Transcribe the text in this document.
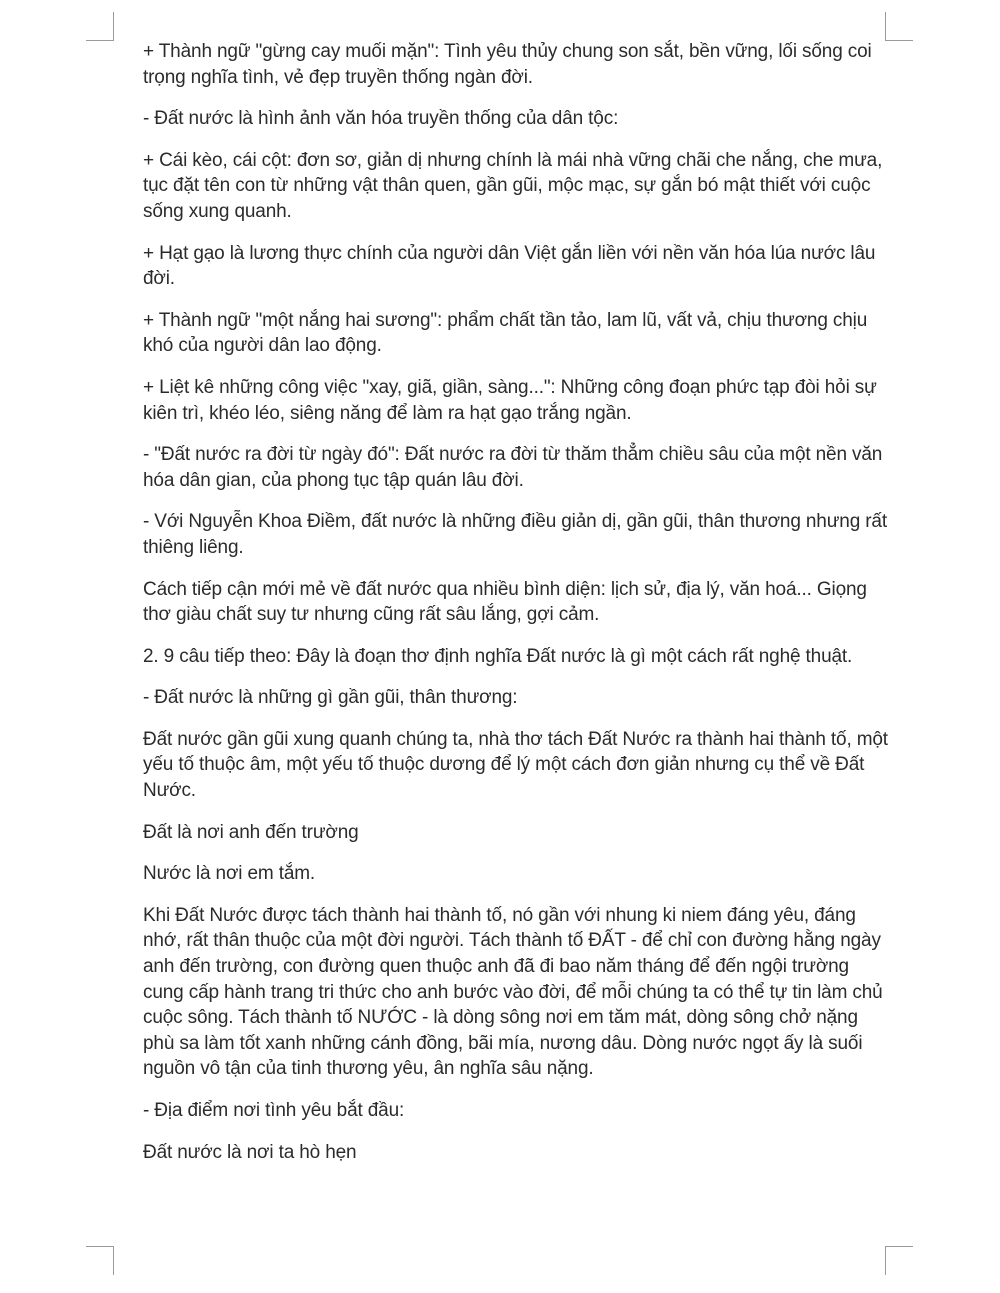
+ Thành ngữ "gừng cay muối mặn": Tình yêu thủy chung son sắt, bền vững, lối sống coi trọng nghĩa tình, vẻ đẹp truyền thống ngàn đời.

- Đất nước là hình ảnh văn hóa truyền thống của dân tộc:

+ Cái kèo, cái cột: đơn sơ, giản dị nhưng chính là mái nhà vững chãi che nắng, che mưa, tục đặt tên con từ những vật thân quen, gần gũi, mộc mạc, sự gắn bó mật thiết với cuộc sống xung quanh.

+ Hạt gạo là lương thực chính của người dân Việt gắn liền với nền văn hóa lúa nước lâu đời.

+ Thành ngữ "một nắng hai sương": phẩm chất tần tảo, lam lũ, vất vả, chịu thương chịu khó của người dân lao động.

+ Liệt kê những công việc "xay, giã, giần, sàng...": Những công đoạn phức tạp đòi hỏi sự kiên trì, khéo léo, siêng năng để làm ra hạt gạo trắng ngần.

- "Đất nước ra đời từ ngày đó": Đất nước ra đời từ thăm thẳm chiều sâu của một nền văn hóa dân gian, của phong tục tập quán lâu đời.

- Với Nguyễn Khoa Điềm, đất nước là những điều giản dị, gần gũi, thân thương nhưng rất thiêng liêng.

Cách tiếp cận mới mẻ về đất nước qua nhiều bình diện: lịch sử, địa lý, văn hoá... Giọng thơ giàu chất suy tư nhưng cũng rất sâu lắng, gợi cảm.

2. 9 câu tiếp theo: Đây là đoạn thơ định nghĩa Đất nước là gì một cách rất nghệ thuật.

- Đất nước là những gì gần gũi, thân thương:

Đất nước gần gũi xung quanh chúng ta, nhà thơ tách Đất Nước ra thành hai thành tố, một yếu tố thuộc âm, một yếu tố thuộc dương để lý một cách đơn giản nhưng cụ thể về Đất Nước.

Đất là nơi anh đến trường

Nước là nơi em tắm.

Khi Đất Nước được tách thành hai thành tố, nó gần với nhung ki niem đáng yêu, đáng nhớ, rất thân thuộc của một đời người. Tách thành tố ĐẤT - để chỉ con đường hằng ngày anh đến trường, con đường quen thuộc anh đã đi bao năm tháng để đến ngội trường cung cấp hành trang tri thức cho anh bước vào đời, để mỗi chúng ta có thể tự tin làm chủ cuộc sông. Tách thành tố NƯỚC - là dòng sông nơi em tăm mát, dòng sông chở nặng phù sa làm tốt xanh những cánh đồng, bãi mía, nương dâu. Dòng nước ngọt ấy là suối nguồn vô tận của tinh thương yêu, ân nghĩa sâu nặng.

- Địa điểm nơi tình yêu bắt đầu:

Đất nước là nơi ta hò hẹn
